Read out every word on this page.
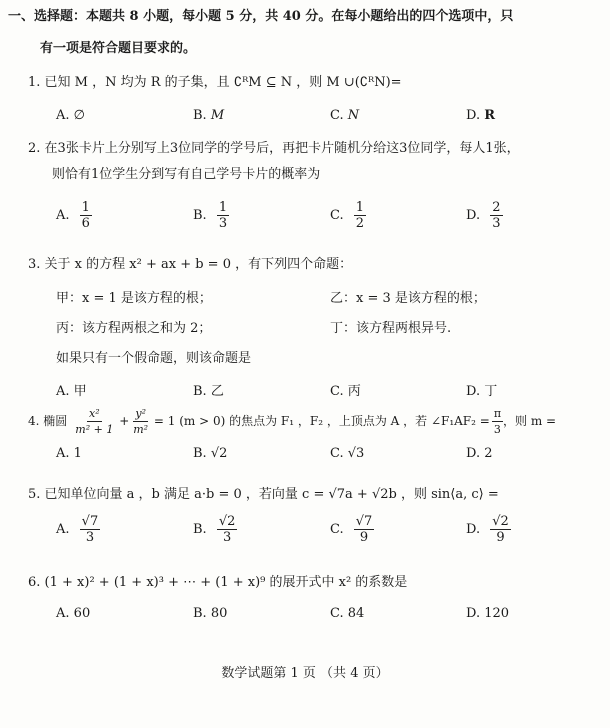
一、选择题：本题共 8 小题，每小题 5 分，共 40 分。在每小题给出的四个选项中，只
有一项是符合题目要求的。
1. 已知 M ，N 均为 R 的子集，且 ∁ᴿM ⊆ N ，则 M ∪(∁ᴿN)=
A. ∅	B. M	C. N	D. R
2. 在3张卡片上分别写上3位同学的学号后，再把卡片随机分给这3位同学，每人1张，
则恰有1位学生分到写有自己学号卡片的概率为
A. $\frac{1}{6}$	B. $\frac{1}{3}$	C. $\frac{1}{2}$	D. $\frac{2}{3}$
3. 关于 x 的方程 x² + ax + b = 0 ，有下列四个命题：
甲：x = 1 是该方程的根；	乙：x = 3 是该方程的根；
丙：该方程两根之和为 2；	丁：该方程两根异号.
如果只有一个假命题，则该命题是
A. 甲	B. 乙	C. 丙	D. 丁
4. 椭圆 $\frac{\text{x²}}{\text{m² + 1}} + \frac{\text{y²}}{\text{m²}} = 1$ (m > 0) 的焦点为 F₁ ，F₂ ，上顶点为 A ，若 ∠F₁AF₂ = $\frac{\pi}{3}$ ，则 m =
A. 1	B. √2	C. √3	D. 2
5. 已知单位向量 a ，b 满足 a·b = 0 ，若向量 c = √7a + √2b ，则 sin⟨a, c⟩ =
A. $\frac{√7}{3}$	B. $\frac{√2}{3}$	C. $\frac{√7}{9}$	D. $\frac{√2}{9}$
6. (1 + x)² + (1 + x)³ + ⋯ + (1 + x)⁹ 的展开式中 x² 的系数是
A. 60	B. 80	C. 84	D. 120
数学试题第 1 页 （共 4 页）
